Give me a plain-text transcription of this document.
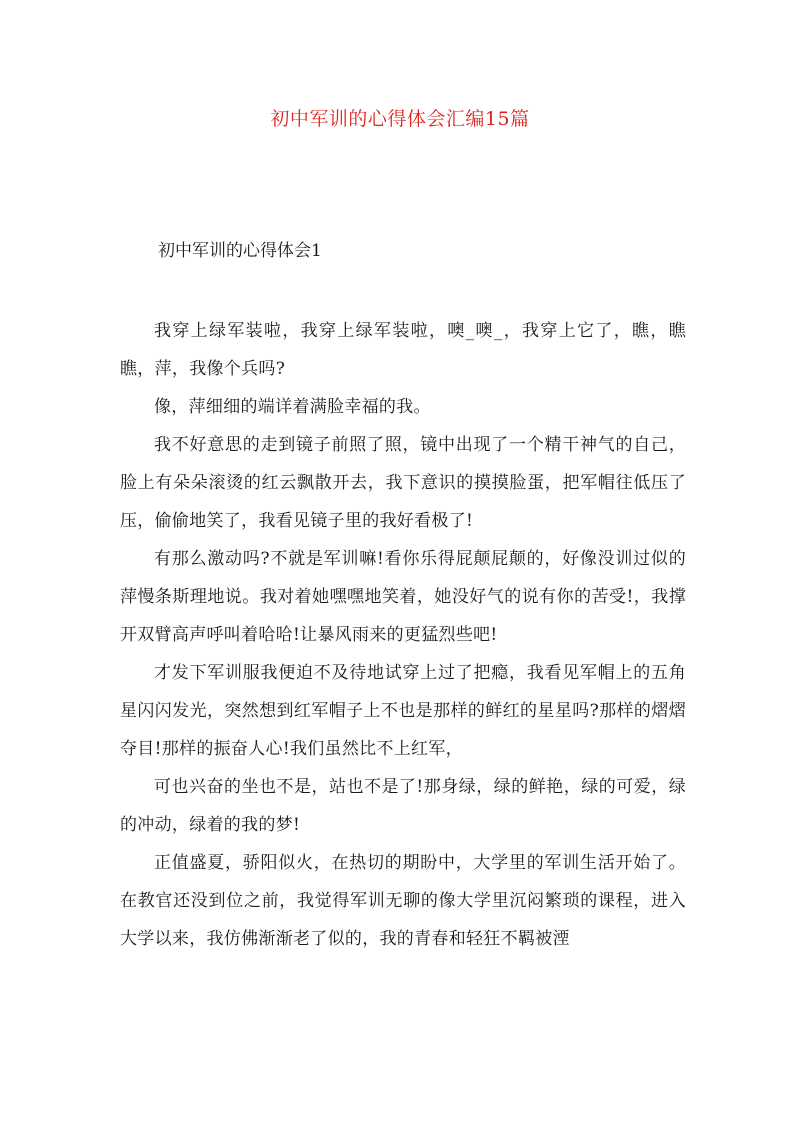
初中军训的心得体会汇编15篇
初中军训的心得体会1

我穿上绿军装啦，我穿上绿军装啦，噢_噢_，我穿上它了，瞧，瞧瞧，萍，我像个兵吗?

像，萍细细的端详着满脸幸福的我。

我不好意思的走到镜子前照了照，镜中出现了一个精干神气的自己，脸上有朵朵滚烫的红云飘散开去，我下意识的摸摸脸蛋，把军帽往低压了压，偷偷地笑了，我看见镜子里的我好看极了!

有那么激动吗?不就是军训嘛!看你乐得屁颠屁颠的，好像没训过似的萍慢条斯理地说。我对着她嘿嘿地笑着，她没好气的说有你的苦受!，我撑开双臂高声呼叫着哈哈!让暴风雨来的更猛烈些吧!

才发下军训服我便迫不及待地试穿上过了把瘾，我看见军帽上的五角星闪闪发光，突然想到红军帽子上不也是那样的鲜红的星星吗?那样的熠熠夺目!那样的振奋人心!我们虽然比不上红军，

可也兴奋的坐也不是，站也不是了!那身绿，绿的鲜艳，绿的可爱，绿的冲动，绿着的我的梦!

正值盛夏，骄阳似火，在热切的期盼中，大学里的军训生活开始了。在教官还没到位之前，我觉得军训无聊的像大学里沉闷繁琐的课程，进入大学以来，我仿佛渐渐老了似的，我的青春和轻狂不羁被湮
